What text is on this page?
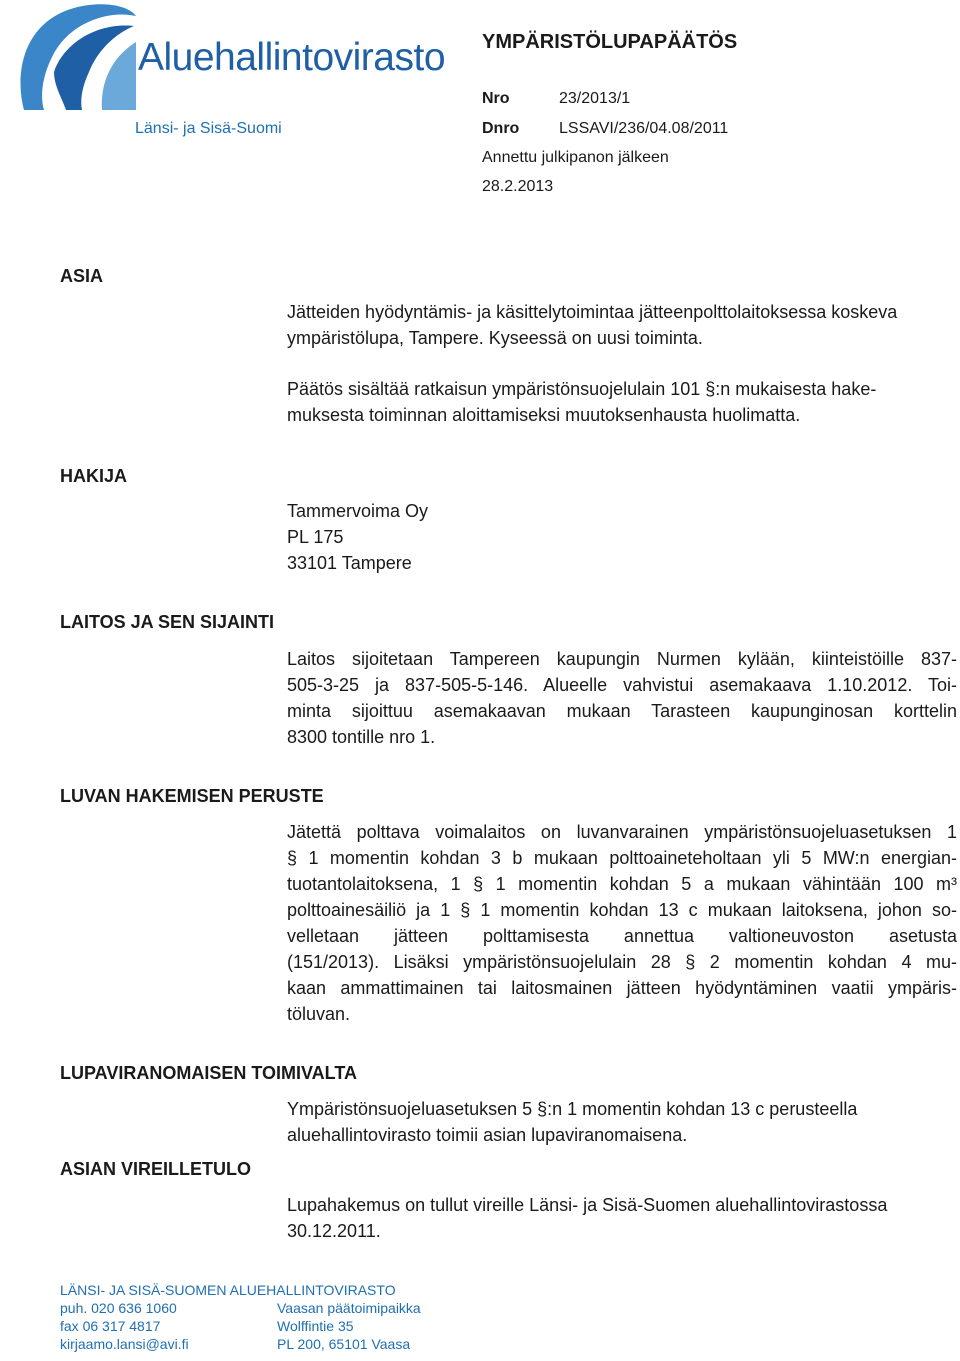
Aluehallintovirasto
Länsi- ja Sisä-Suomi
YMPÄRISTÖLUPAPÄÄTÖS
Nro	23/2013/1
Dnro LSSAVI/236/04.08/2011
Annettu julkipanon jälkeen
28.2.2013
ASIA
Jätteiden hyödyntämis- ja käsittelytoimintaa jätteenpolttolaitoksessa koskeva
ympäristölupa, Tampere. Kyseessä on uusi toiminta.
Päätös sisältää ratkaisun ympäristönsuojelulain 101 §:n mukaisesta hake-
muksesta toiminnan aloittamiseksi muutoksenhausta huolimatta.
HAKIJA
Tammervoima Oy
PL 175
33101 Tampere
LAITOS JA SEN SIJAINTI
Laitos sijoitetaan Tampereen kaupungin Nurmen kylään, kiinteistöille 837-
505-3-25 ja 837-505-5-146. Alueelle vahvistui asemakaava 1.10.2012. Toi-
minta sijoittuu asemakaavan mukaan Tarasteen kaupunginosan korttelin
8300 tontille nro 1.
LUVAN HAKEMISEN PERUSTE
Jätettä polttava voimalaitos on luvanvarainen ympäristönsuojeluasetuksen 1
§ 1 momentin kohdan 3 b mukaan polttoaineteholtaan yli 5 MW:n energian-
tuotantolaitoksena, 1 § 1 momentin kohdan 5 a mukaan vähintään 100 m³
polttoainesäiliö ja 1 § 1 momentin kohdan 13 c mukaan laitoksena, johon so-
velletaan jätteen polttamisesta annettua valtioneuvoston asetusta
(151/2013). Lisäksi ympäristönsuojelulain 28 § 2 momentin kohdan 4 mu-
kaan ammattimainen tai laitosmainen jätteen hyödyntäminen vaatii ympäris-
töluvan.
LUPAVIRANOMAISEN TOIMIVALTA
Ympäristönsuojeluasetuksen 5 §:n 1 momentin kohdan 13 c perusteella
aluehallintovirasto toimii asian lupaviranomaisena.
ASIAN VIREILLETULO
Lupahakemus on tullut vireille Länsi- ja Sisä-Suomen aluehallintovirastossa
30.12.2011.
LÄNSI- JA SISÄ-SUOMEN ALUEHALLINTOVIRASTO
puh. 020 636 1060
fax 06 317 4817
kirjaamo.lansi@avi.fi
Vaasan päätoimipaikka
Wolffintie 35
PL 200, 65101 Vaasa
